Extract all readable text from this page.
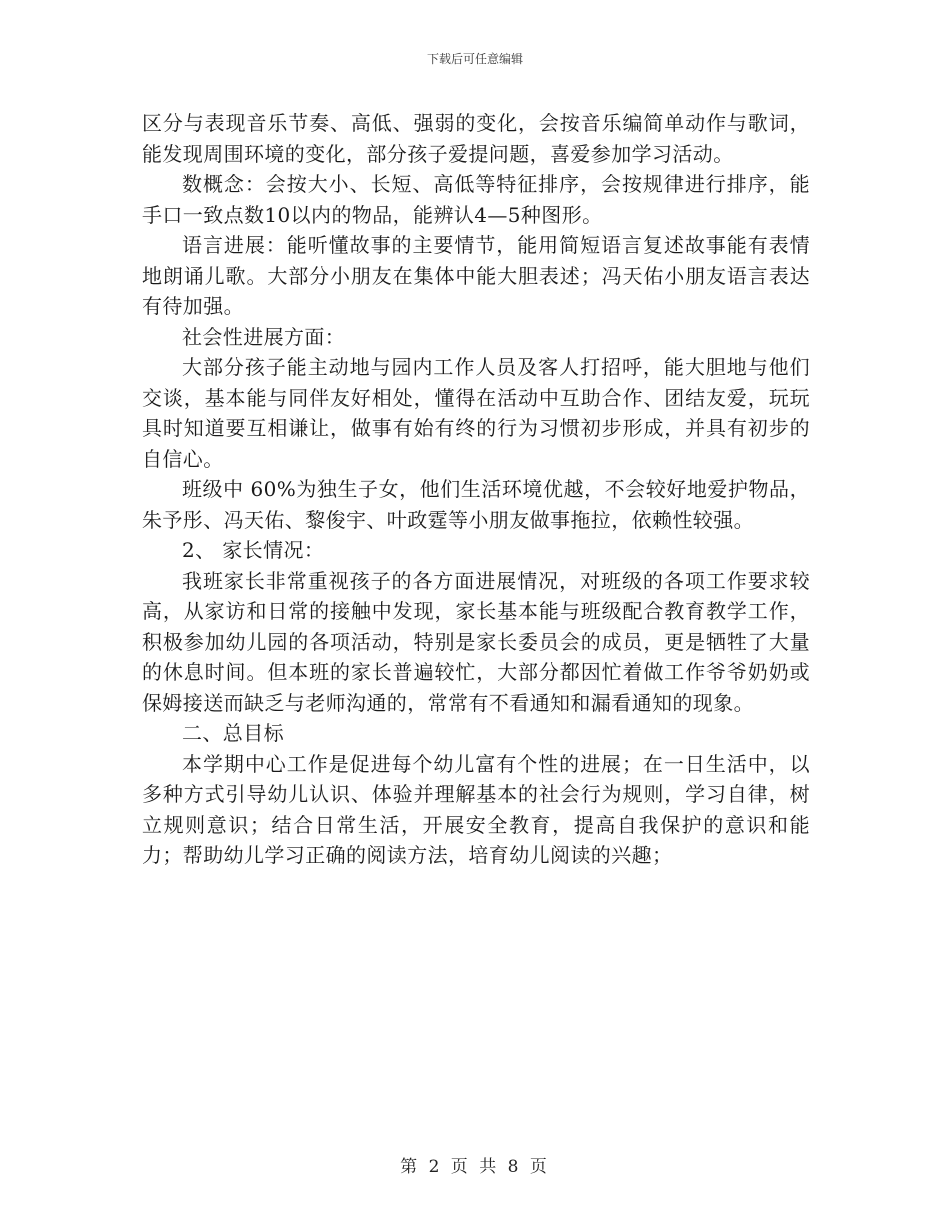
下载后可任意编辑

区分与表现音乐节奏、高低、强弱的变化，会按音乐编简单动作与歌词，能发现周围环境的变化，部分孩子爱提问题，喜爱参加学习活动。

数概念：会按大小、长短、高低等特征排序，会按规律进行排序，能手口一致点数10以内的物品，能辨认4—5种图形。

语言进展：能听懂故事的主要情节，能用简短语言复述故事能有表情地朗诵儿歌。大部分小朋友在集体中能大胆表述；冯天佑小朋友语言表达有待加强。

社会性进展方面：

大部分孩子能主动地与园内工作人员及客人打招呼，能大胆地与他们交谈，基本能与同伴友好相处，懂得在活动中互助合作、团结友爱，玩玩具时知道要互相谦让，做事有始有终的行为习惯初步形成，并具有初步的自信心。

班级中 60%为独生子女，他们生活环境优越，不会较好地爱护物品，朱予彤、冯天佑、黎俊宇、叶政霆等小朋友做事拖拉，依赖性较强。

2、 家长情况：

我班家长非常重视孩子的各方面进展情况，对班级的各项工作要求较高，从家访和日常的接触中发现，家长基本能与班级配合教育教学工作，积极参加幼儿园的各项活动，特别是家长委员会的成员，更是牺牲了大量的休息时间。但本班的家长普遍较忙，大部分都因忙着做工作爷爷奶奶或保姆接送而缺乏与老师沟通的，常常有不看通知和漏看通知的现象。

二、总目标

本学期中心工作是促进每个幼儿富有个性的进展；在一日生活中，以多种方式引导幼儿认识、体验并理解基本的社会行为规则，学习自律，树立规则意识；结合日常生活，开展安全教育，提高自我保护的意识和能力；帮助幼儿学习正确的阅读方法，培育幼儿阅读的兴趣；

第 2 页 共 8 页
